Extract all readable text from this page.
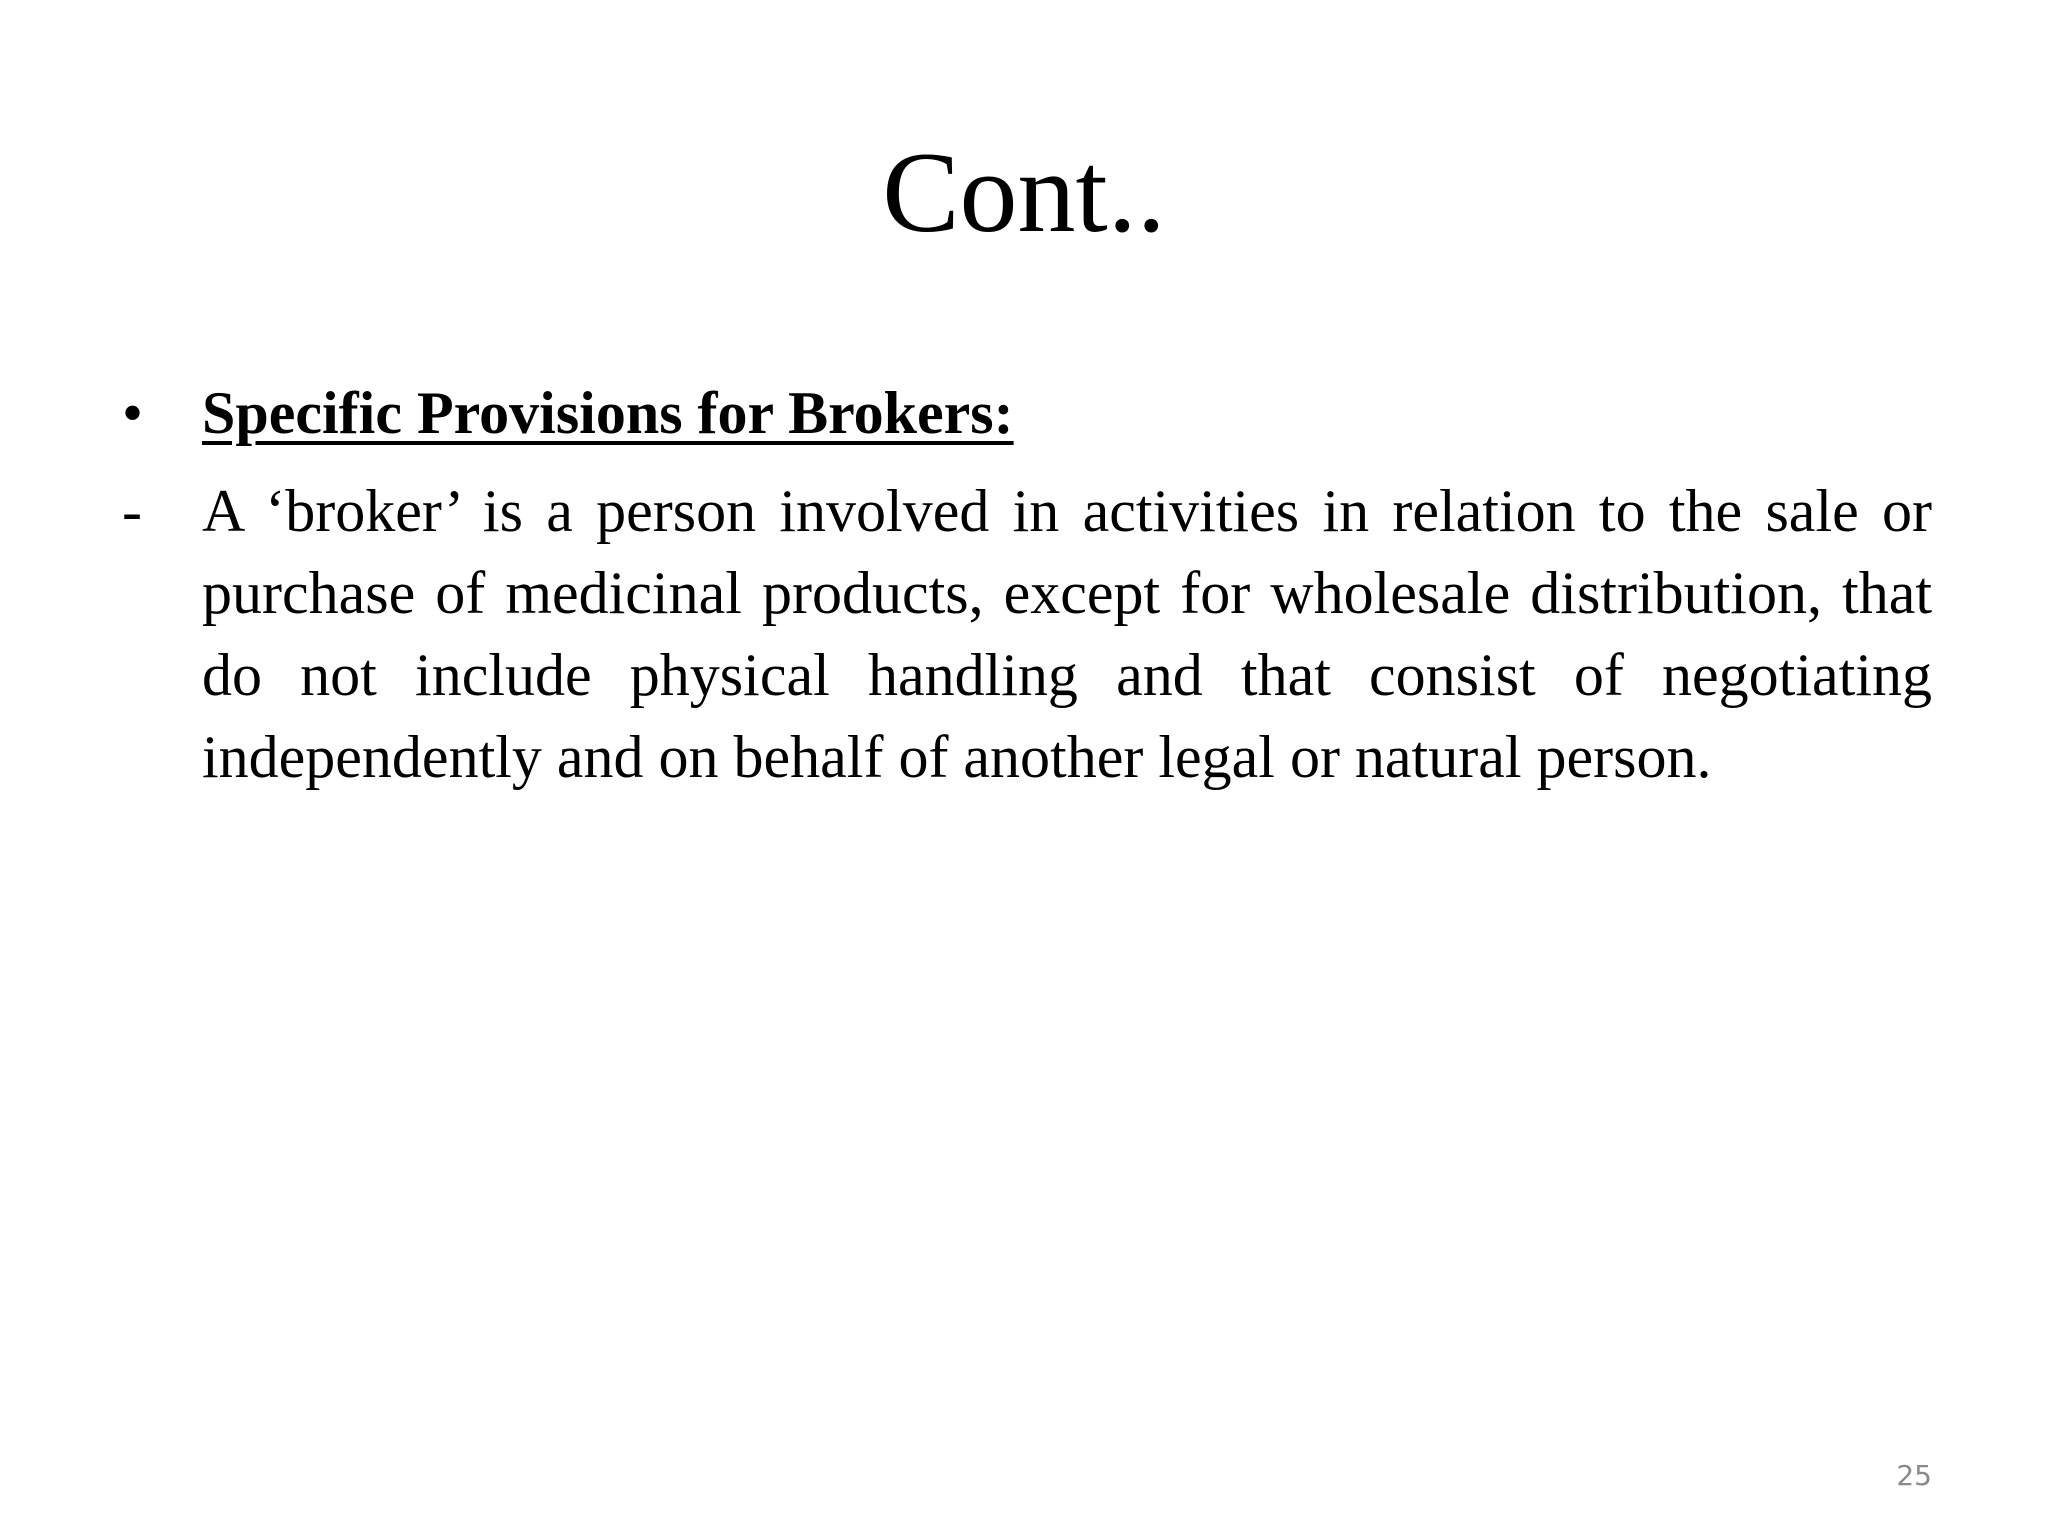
Cont..
• Specific Provisions for Brokers:
- A ‘broker’ is a person involved in activities in relation to the sale or purchase of medicinal products, except for wholesale distribution, that do not include physical handling and that consist of negotiating independently and on behalf of another legal or natural person.
25
